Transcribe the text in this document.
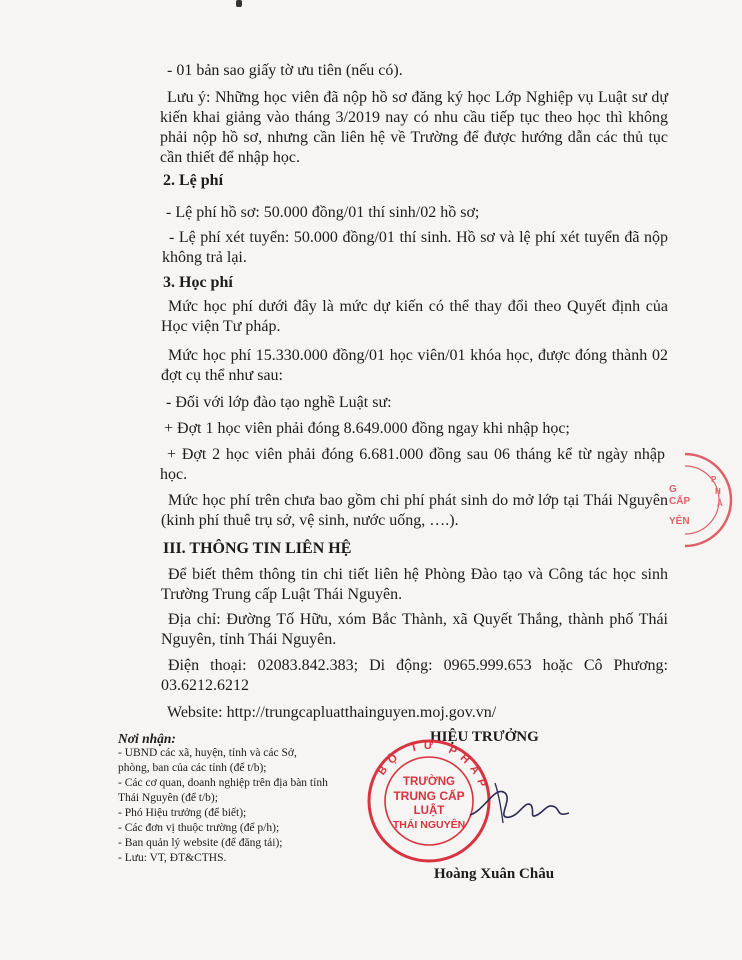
- 01 bản sao giấy tờ ưu tiên (nếu có).
Lưu ý: Những học viên đã nộp hồ sơ đăng ký học Lớp Nghiệp vụ Luật sư dự kiến khai giảng vào tháng 3/2019 nay có nhu cầu tiếp tục theo học thì không phải nộp hồ sơ, nhưng cần liên hệ về Trường để được hướng dẫn các thủ tục cần thiết để nhập học.
2. Lệ phí
- Lệ phí hồ sơ: 50.000 đồng/01 thí sinh/02 hồ sơ;
- Lệ phí xét tuyển: 50.000 đồng/01 thí sinh. Hồ sơ và lệ phí xét tuyển đã nộp không trả lại.
3. Học phí
Mức học phí dưới đây là mức dự kiến có thể thay đổi theo Quyết định của Học viện Tư pháp.
Mức học phí 15.330.000 đồng/01 học viên/01 khóa học, được đóng thành 02 đợt cụ thể như sau:
- Đối với lớp đào tạo nghề Luật sư:
+ Đợt 1 học viên phải đóng 8.649.000 đồng ngay khi nhập học;
+ Đợt 2 học viên phải đóng 6.681.000 đồng sau 06 tháng kể từ ngày nhập học.
Mức học phí trên chưa bao gồm chi phí phát sinh do mở lớp tại Thái Nguyên (kinh phí thuê trụ sở, vệ sinh, nước uống, ….).
III. THÔNG TIN LIÊN HỆ
Để biết thêm thông tin chi tiết liên hệ Phòng Đào tạo và Công tác học sinh Trường Trung cấp Luật Thái Nguyên.
Địa chỉ: Đường Tố Hữu, xóm Bắc Thành, xã Quyết Thắng, thành phố Thái Nguyên, tỉnh Thái Nguyên.
Điện thoại: 02083.842.383; Di động: 0965.999.653 hoặc Cô Phương: 03.6212.6212
Website: http://trungcapluatthainguyen.moj.gov.vn/
Nơi nhận:
- UBND các xã, huyện, tỉnh và các Sở, phòng, ban của các tỉnh (để t/b);
- Các cơ quan, doanh nghiệp trên địa bàn tỉnh Thái Nguyên (để t/b);
- Phó Hiệu trưởng (để biết);
- Các đơn vị thuộc trường (để p/h);
- Ban quản lý website (để đăng tải);
- Lưu: VT, ĐT&CTHS.
HIỆU TRƯỞNG
BỘ TƯ PHÁP
TRƯỜNG
TRUNG CẤP
LUẬT
THÁI NGUYÊN
G
CẤP
YÊN
P
H
Á
Hoàng Xuân Châu
